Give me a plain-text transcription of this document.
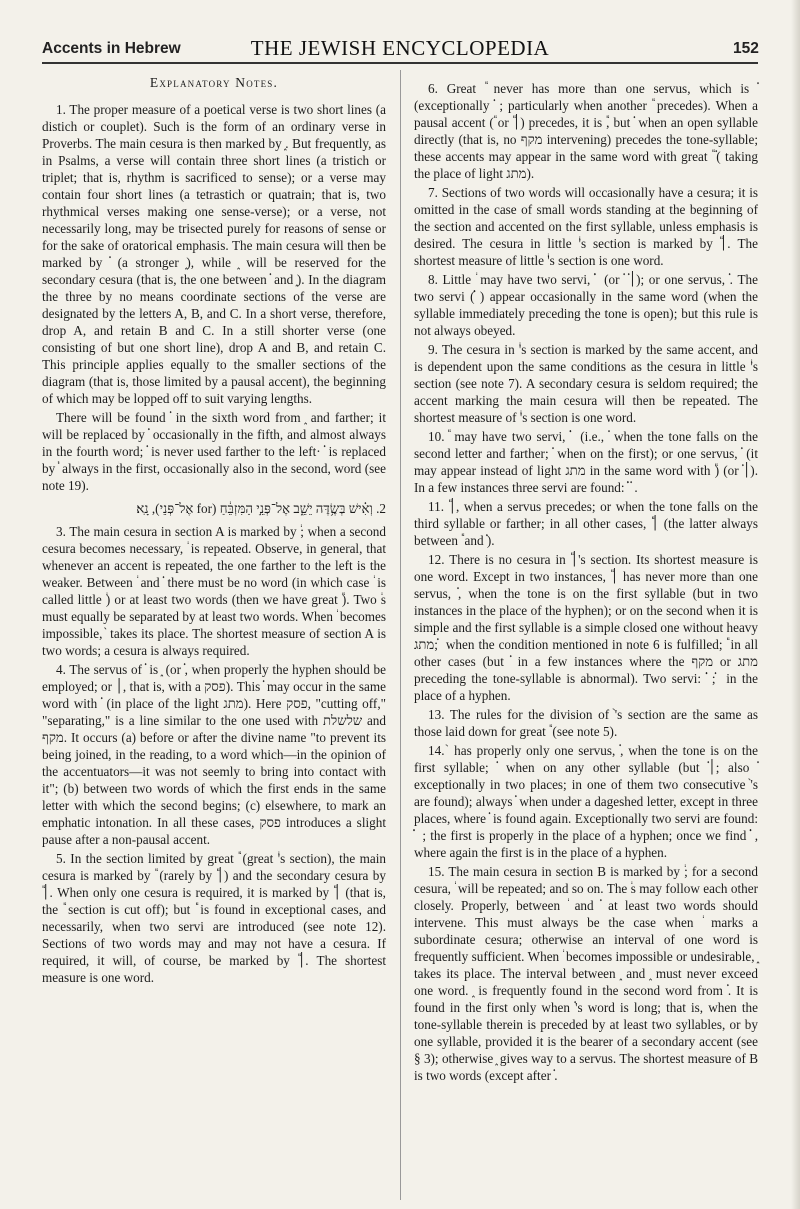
Accents in Hebrew	THE JEWISH ENCYCLOPEDIA	152
Explanatory Notes.

1. The proper measure of a poetical verse is two short lines (a distich or couplet). Such is the form of an ordinary verse in Proverbs. The main cesura is then marked by ֑. But frequently, as in Psalms, a verse will contain three short lines (a tristich or triplet; that is, rhythm is sacrificed to sense); or a verse may contain four short lines (a tetrastich or quatrain; that is, two rhythmical verses making one sense-verse); or a verse, not necessarily long, may be trisected purely for reasons of sense or for the sake of oratorical emphasis. The main cesura will then be marked by ֗ (a stronger ֑), while ֑ will be reserved for the secondary cesura (that is, the one between ֗ and ֑). In the diagram the three by no means coordinate sections of the verse are designated by the letters A, B, and C. In a short verse, therefore, drop A, and retain B and C. In a still shorter verse (one consisting of but one short line), drop A and B, and retain C. This principle applies equally to the smaller sections of the diagram (that is, those limited by a pausal accent), the beginning of which may be lopped off to suit varying lengths.

There will be found ֗ in the sixth word from ֑ and farther; it will be replaced by ֗ occasionally in the fifth, and almost always in the fourth word; ֗ is never used farther to the left· ֗ is replaced by ֓ always in the first, occasionally also in the second, word (see note 19).

2. וְאִ֗ישׁ בְּשֶׂ֥דֶּה יֵשֵׁ֑ב אֶל־פְּנֵ֣י הַמִּזְבֵּ֔חַ (for אֶל־פְּנֵי), נָֽא׃

3. The main cesura in section A is marked by ֔; when a second cesura becomes necessary, ֔ is repeated. Observe, in general, that whenever an accent is repeated, the one farther to the left is the weaker. Between ֔ and ֗ there must be no word (in which case ֔ is called little ֔) or at least two words (then we have great ֕). Two ֔s must equally be separated by at least two words. When ֔ becomes impossible, ֙ takes its place. The shortest measure of section A is two words; a cesura is always required.

4. The servus of ֗ is ֑ (or ֗, when properly the hyphen should be employed; or ׀, that is, with a פסק). This ֗ may occur in the same word with ֗ (in place of the light מתג). Here פסק, "cutting off," "separating," is a line similar to the one used with שלשלת and מקף. It occurs (a) before or after the divine name "to prevent its being joined, in the reading, to a word which—in the opinion of the accentuators—it was not seemly to bring into contact with it"; (b) between two words of which the first ends in the same letter with which the second begins; (c) elsewhere, to mark an emphatic intonation. In all these cases, פסק introduces a slight pause after a non-pausal accent.

5. In the section limited by great ֕ (great ֔'s section), the main cesura is marked by ֕ (rarely by ׀֕) and the secondary cesura by ׀֕. When only one cesura is required, it is marked by ׀֕ (that is, the ֕ section is cut off); but ֕ is found in exceptional cases, and necessarily, when two servi are introduced (see note 12). Sections of two words may and may not have a cesura. If required, it will, of course, be marked by ׀֕. The shortest measure is one word.

6. Great ֕ never has more than one servus, which is ֗ (exceptionally ֗ ; particularly when another ֕ precedes). When a pausal accent (֕ or ׀֕) precedes, it is ֕, but ֗ when an open syllable directly (that is, no מקף intervening) precedes the tone-syllable; these accents may appear in the same word with great ֕ (֗ taking the place of light מתג).

7. Sections of two words will occasionally have a cesura; it is omitted in the case of small words standing at the beginning of the section and accented on the first syllable, unless emphasis is desired. The cesura in little ֔'s section is marked by ׀֕. The shortest measure of little ֔'s section is one word.

8. Little ֔ may have two servi, ֗ ֗ (or ֗ ׀֗); or one servus, ֗. The two servi (֗ ֗) appear occasionally in the same word (when the syllable immediately preceding the tone is open); but this rule is not always obeyed.

9. The cesura in ֔'s section is marked by the same accent, and is dependent upon the same conditions as the cesura in little ֔'s section (see note 7). A secondary cesura is seldom required; the accent marking the main cesura will then be repeated. The shortest measure of ֔'s section is one word.

10. ֕ may have two servi, ֗ ֗ (i.e., ֗ when the tone falls on the second letter and farther; ֗ when on the first); or one servus, ֗ (it may appear instead of light מתג in the same word with ֕) (or ׀֗). In a few instances three servi are found: ֗ ֗ ֗.

11. ׀֕, when a servus precedes; or when the tone falls on the third syllable or farther; in all other cases, ׀֕ (the latter always between ֕ and ֗).

12. There is no cesura in ׀֕'s section. Its shortest measure is one word. Except in two instances, ׀֕ has never more than one servus, ֗, when the tone is on the first syllable (but in two instances in the place of the hyphen); or on the second when it is simple and the first syllable is a simple closed one without heavy מתג; ֗ when the condition mentioned in note 6 is fulfilled; ֕ in all other cases (but ֗ in a few instances where the מקף or מתג preceding the tone-syllable is abnormal). Two servi: ֗ ֗; ֗ in the place of a hyphen.

13. The rules for the division of ֙'s section are the same as those laid down for great ֕ (see note 5).

14. ֙ has properly only one servus, ֗, when the tone is on the first syllable; ֗ when on any other syllable (but ׀֗; also ֗ exceptionally in two places; in one of them two consecutive ֙'s are found); always ֗ when under a dageshed letter, except in three places, where ֗ is found again. Exceptionally two servi are found: ֗ ֗ ; the first is properly in the place of a hyphen; once we find ֗ ֗, where again the first is in the place of a hyphen.

15. The main cesura in section B is marked by ֔; for a second cesura, ֔ will be repeated; and so on. The ֔s may follow each other closely. Properly, between ֔ and ֗ at least two words should intervene. This must always be the case when ֔ marks a subordinate cesura; otherwise an interval of one word is frequently sufficient. When ֔ becomes impossible or undesirable, ֑ takes its place. The interval between ֑ and ֑ must never exceed one word. ֑ is frequently found in the second word from ֗. It is found in the first only when ֗'s word is long; that is, when the tone-syllable therein is preceded by at least two syllables, or by one syllable, provided it is the bearer of a secondary accent (see § 3); otherwise ֑ gives way to a servus. The shortest measure of B is two words (except after ֗.
